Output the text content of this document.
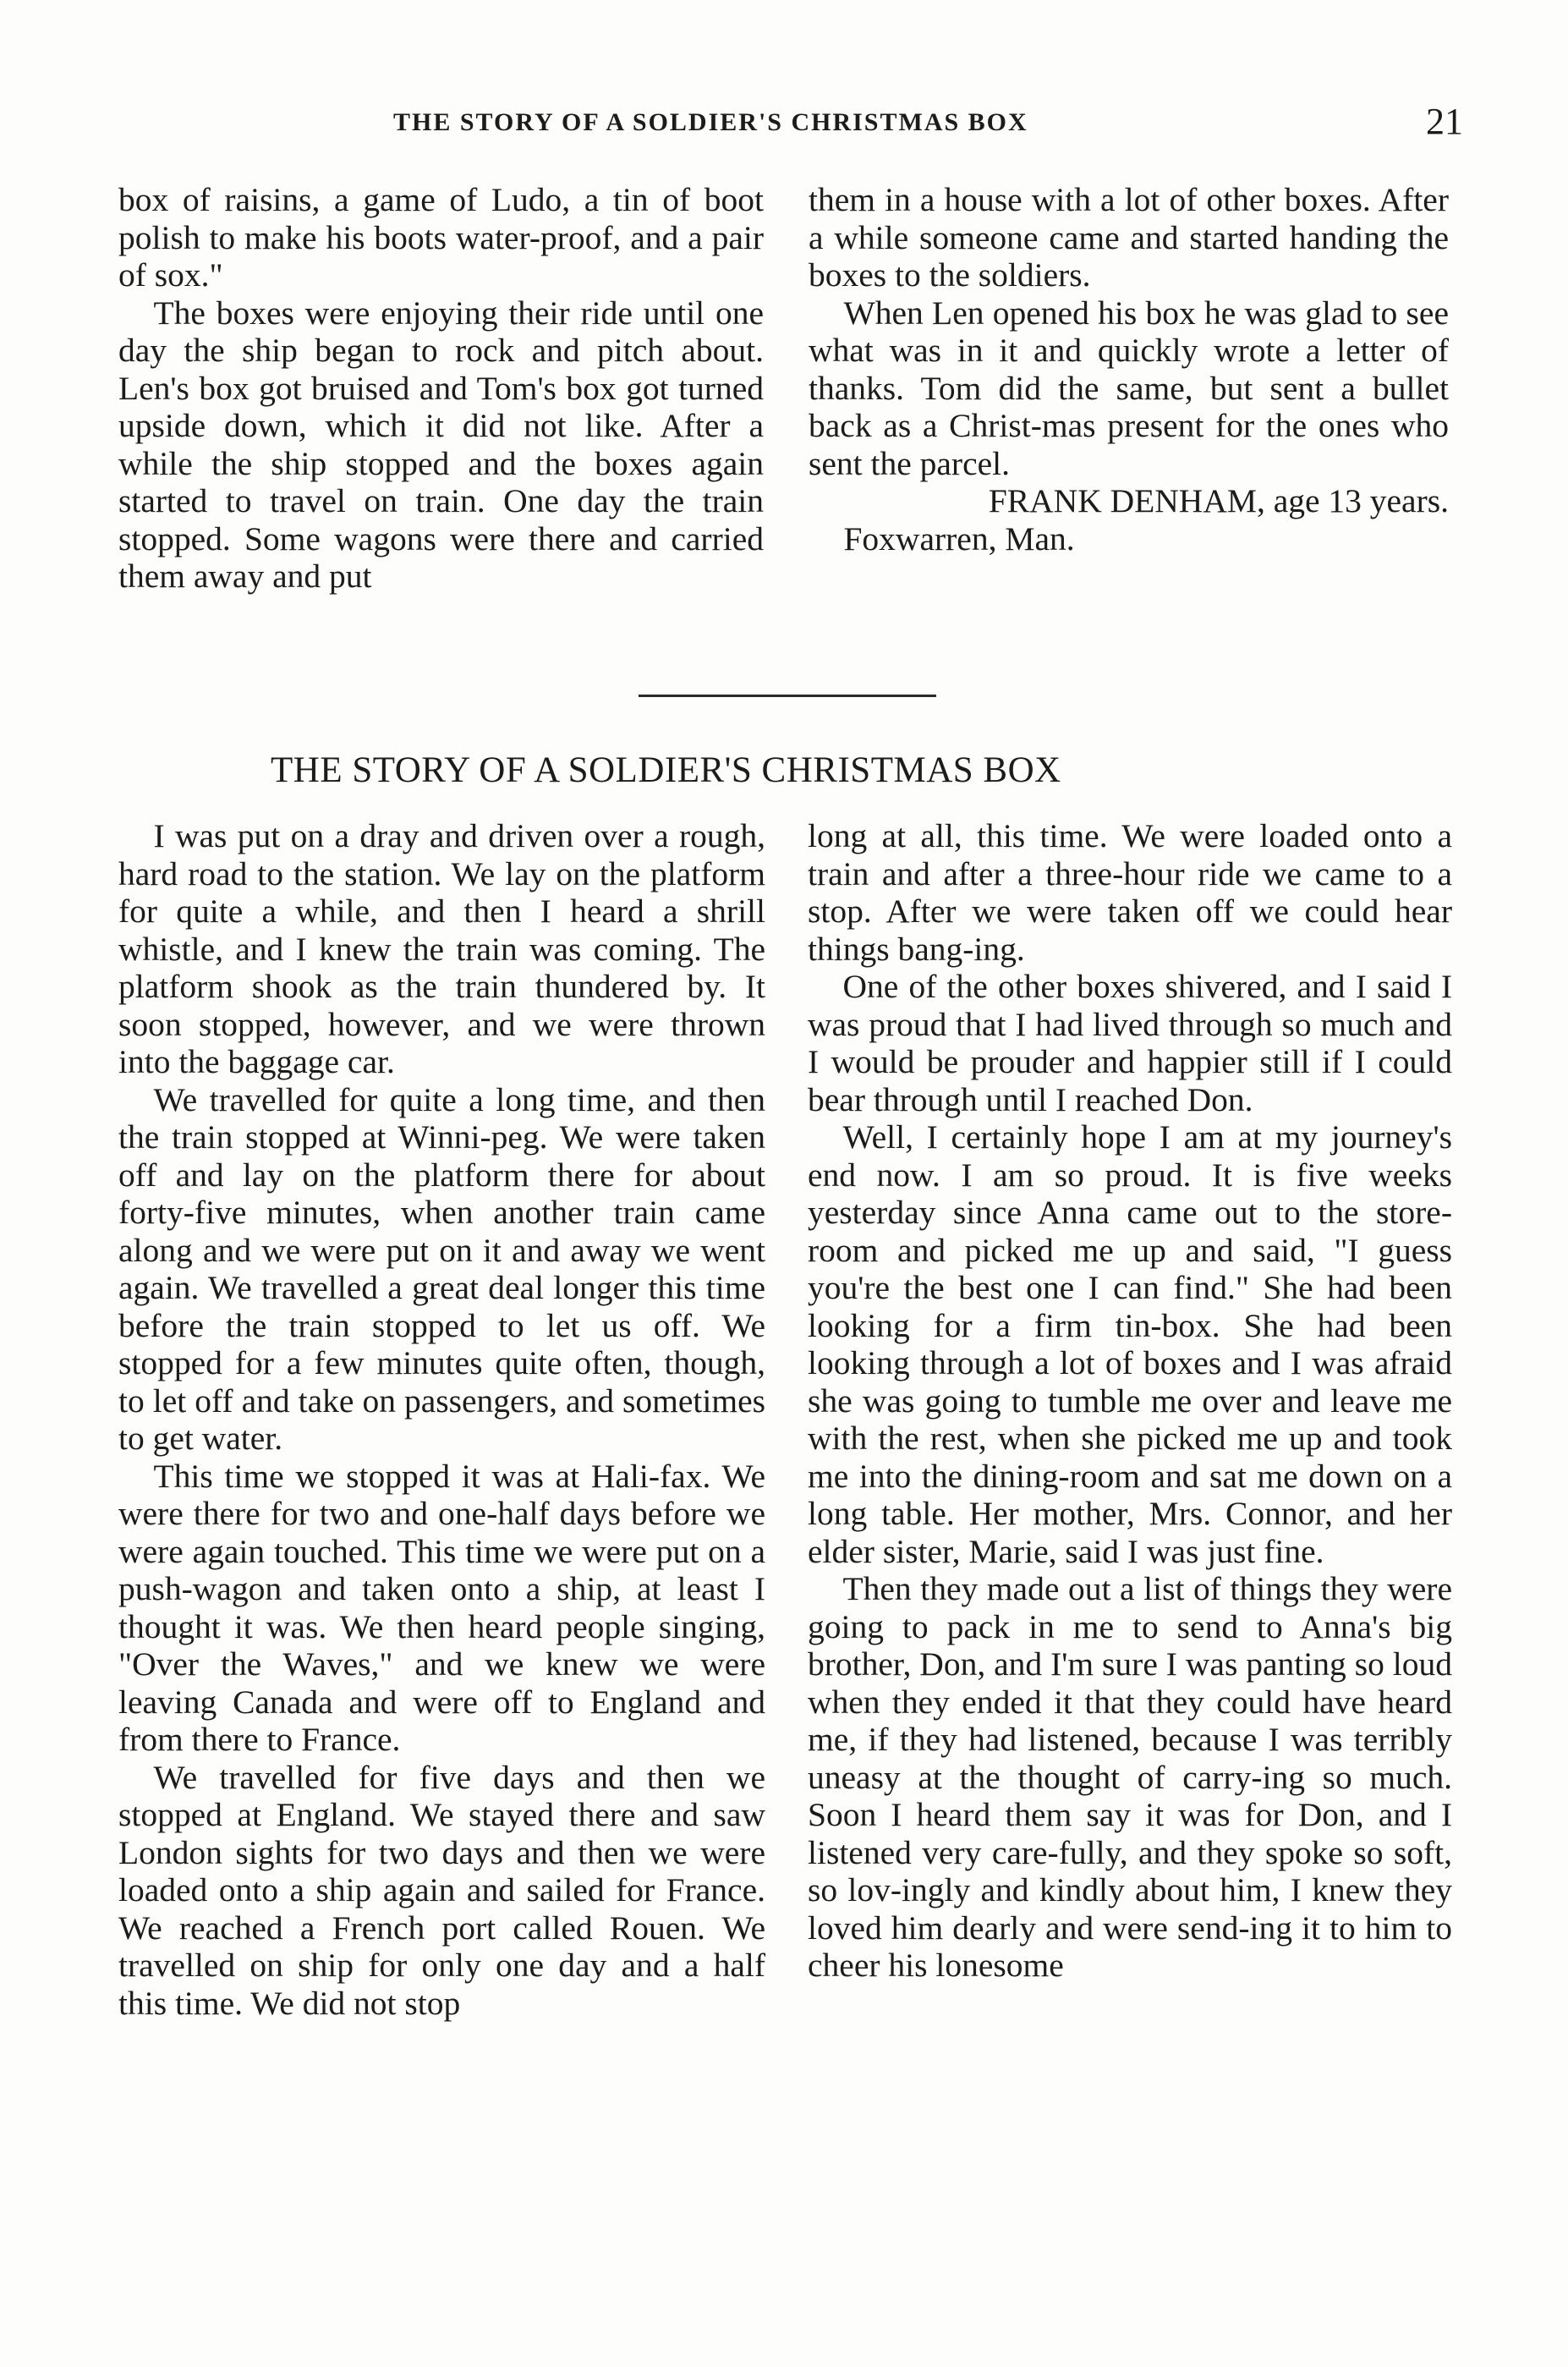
THE STORY OF A SOLDIER'S CHRISTMAS BOX	21

box of raisins, a game of Ludo, a tin of boot polish to make his boots water-proof, and a pair of sox."

The boxes were enjoying their ride until one day the ship began to rock and pitch about. Len's box got bruised and Tom's box got turned upside down, which it did not like. After a while the ship stopped and the boxes again started to travel on train. One day the train stopped. Some wagons were there and carried them away and put

them in a house with a lot of other boxes. After a while someone came and started handing the boxes to the soldiers.

When Len opened his box he was glad to see what was in it and quickly wrote a letter of thanks. Tom did the same, but sent a bullet back as a Christ-mas present for the ones who sent the parcel.

FRANK DENHAM, age 13 years.

Foxwarren, Man.

THE STORY OF A SOLDIER'S CHRISTMAS BOX

I was put on a dray and driven over a rough, hard road to the station. We lay on the platform for quite a while, and then I heard a shrill whistle, and I knew the train was coming. The platform shook as the train thundered by. It soon stopped, however, and we were thrown into the baggage car.

We travelled for quite a long time, and then the train stopped at Winni-peg. We were taken off and lay on the platform there for about forty-five minutes, when another train came along and we were put on it and away we went again. We travelled a great deal longer this time before the train stopped to let us off. We stopped for a few minutes quite often, though, to let off and take on passengers, and sometimes to get water.

This time we stopped it was at Hali-fax. We were there for two and one-half days before we were again touched. This time we were put on a push-wagon and taken onto a ship, at least I thought it was. We then heard people singing, "Over the Waves," and we knew we were leaving Canada and were off to England and from there to France.

We travelled for five days and then we stopped at England. We stayed there and saw London sights for two days and then we were loaded onto a ship again and sailed for France. We reached a French port called Rouen. We travelled on ship for only one day and a half this time. We did not stop

long at all, this time. We were loaded onto a train and after a three-hour ride we came to a stop. After we were taken off we could hear things bang-ing.

One of the other boxes shivered, and I said I was proud that I had lived through so much and I would be prouder and happier still if I could bear through until I reached Don.

Well, I certainly hope I am at my journey's end now. I am so proud. It is five weeks yesterday since Anna came out to the store-room and picked me up and said, "I guess you're the best one I can find." She had been looking for a firm tin-box. She had been looking through a lot of boxes and I was afraid she was going to tumble me over and leave me with the rest, when she picked me up and took me into the dining-room and sat me down on a long table. Her mother, Mrs. Connor, and her elder sister, Marie, said I was just fine.

Then they made out a list of things they were going to pack in me to send to Anna's big brother, Don, and I'm sure I was panting so loud when they ended it that they could have heard me, if they had listened, because I was terribly uneasy at the thought of carry-ing so much. Soon I heard them say it was for Don, and I listened very care-fully, and they spoke so soft, so lov-ingly and kindly about him, I knew they loved him dearly and were send-ing it to him to cheer his lonesome
